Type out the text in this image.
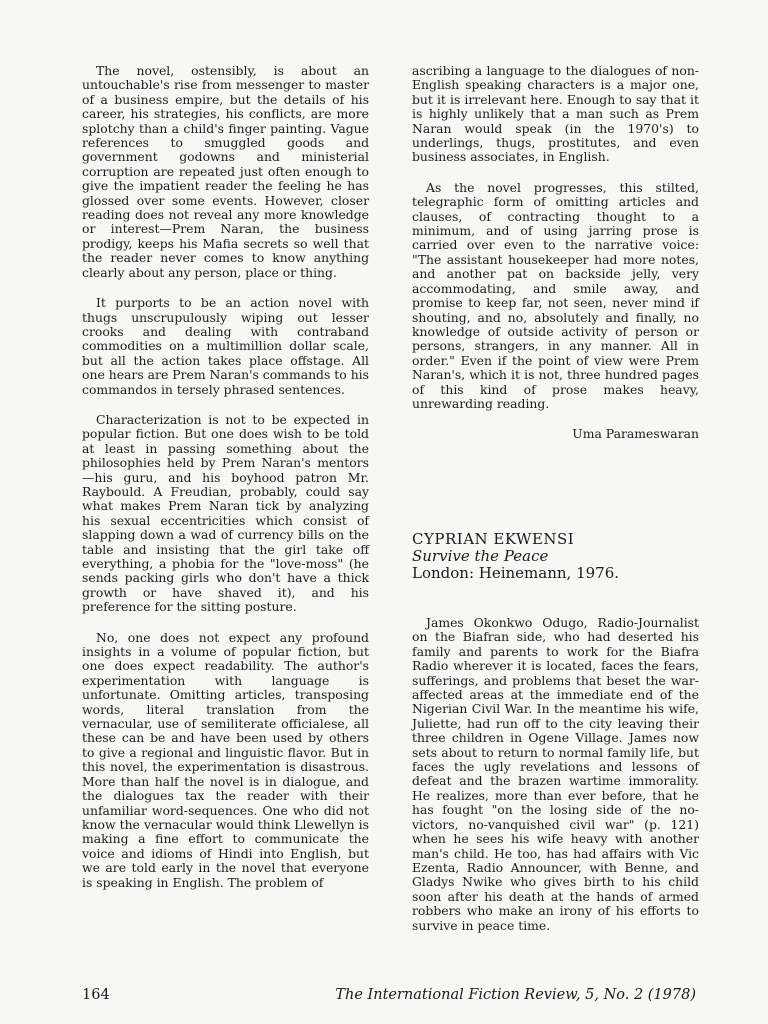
The novel, ostensibly, is about an untouchable's rise from messenger to master of a business empire, but the details of his career, his strategies, his conflicts, are more splotchy than a child's finger painting. Vague references to smuggled goods and government godowns and ministerial corruption are repeated just often enough to give the impatient reader the feeling he has glossed over some events. However, closer reading does not reveal any more knowledge or interest—Prem Naran, the business prodigy, keeps his Mafia secrets so well that the reader never comes to know anything clearly about any person, place or thing.

It purports to be an action novel with thugs unscrupulously wiping out lesser crooks and dealing with contraband commodities on a multimillion dollar scale, but all the action takes place offstage. All one hears are Prem Naran's commands to his commandos in tersely phrased sentences.

Characterization is not to be expected in popular fiction. But one does wish to be told at least in passing something about the philosophies held by Prem Naran's mentors—his guru, and his boyhood patron Mr. Raybould. A Freudian, probably, could say what makes Prem Naran tick by analyzing his sexual eccentricities which consist of slapping down a wad of currency bills on the table and insisting that the girl take off everything, a phobia for the "love-moss" (he sends packing girls who don't have a thick growth or have shaved it), and his preference for the sitting posture.

No, one does not expect any profound insights in a volume of popular fiction, but one does expect readability. The author's experimentation with language is unfortunate. Omitting articles, transposing words, literal translation from the vernacular, use of semiliterate officialese, all these can be and have been used by others to give a regional and linguistic flavor. But in this novel, the experimentation is disastrous. More than half the novel is in dialogue, and the dialogues tax the reader with their unfamiliar word-sequences. One who did not know the vernacular would think Llewellyn is making a fine effort to communicate the voice and idioms of Hindi into English, but we are told early in the novel that everyone is speaking in English. The problem of

ascribing a language to the dialogues of non-English speaking characters is a major one, but it is irrelevant here. Enough to say that it is highly unlikely that a man such as Prem Naran would speak (in the 1970's) to underlings, thugs, prostitutes, and even business associates, in English.

As the novel progresses, this stilted, telegraphic form of omitting articles and clauses, of contracting thought to a minimum, and of using jarring prose is carried over even to the narrative voice: "The assistant housekeeper had more notes, and another pat on backside jelly, very accommodating, and smile away, and promise to keep far, not seen, never mind if shouting, and no, absolutely and finally, no knowledge of outside activity of person or persons, strangers, in any manner. All in order." Even if the point of view were Prem Naran's, which it is not, three hundred pages of this kind of prose makes heavy, unrewarding reading.

Uma Parameswaran
CYPRIAN EKWENSI
Survive the Peace
London: Heinemann, 1976.

James Okonkwo Odugo, Radio-Journalist on the Biafran side, who had deserted his family and parents to work for the Biafra Radio wherever it is located, faces the fears, sufferings, and problems that beset the war-affected areas at the immediate end of the Nigerian Civil War. In the meantime his wife, Juliette, had run off to the city leaving their three children in Ogene Village. James now sets about to return to normal family life, but faces the ugly revelations and lessons of defeat and the brazen wartime immorality. He realizes, more than ever before, that he has fought "on the losing side of the no-victors, no-vanquished civil war" (p. 121) when he sees his wife heavy with another man's child. He too, has had affairs with Vic Ezenta, Radio Announcer, with Benne, and Gladys Nwike who gives birth to his child soon after his death at the hands of armed robbers who make an irony of his efforts to survive in peace time.

164	The International Fiction Review, 5, No. 2 (1978)
